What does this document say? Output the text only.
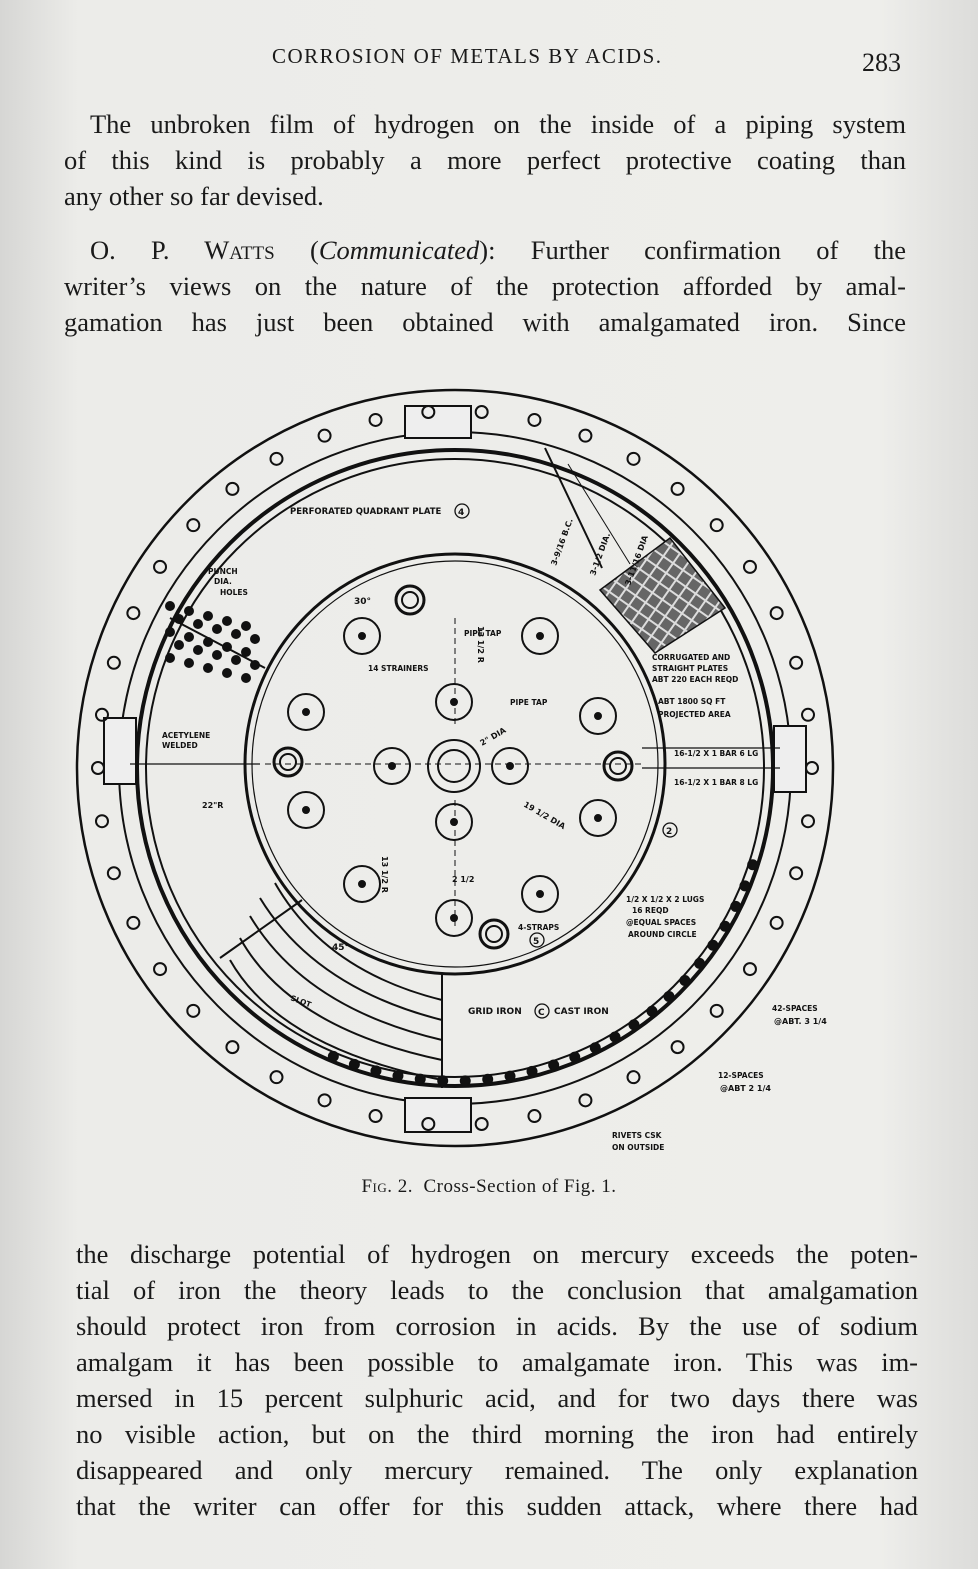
CORROSION OF METALS BY ACIDS.	283
The unbroken film of hydrogen on the inside of a piping system
of this kind is probably a more perfect protective coating than
any other so far devised.
O. P. Watts (Communicated): Further confirmation of the
writer’s views on the nature of the protection afforded by amal-
gamation has just been obtained with amalgamated iron. Since
PERFORATED QUADRANT PLATE 4
PUNCH
DIA.
HOLES
3-9/16 B.C. 3-1/2 DIA. 3-11/16 DIA
CORRUGATED AND
STRAIGHT PLATES
ABT 220 EACH REQD
ABT 1800 SQ FT
PROJECTED AREA
PIPE TAP
PIPE TAP
14 STRAINERS
ACETYLENE
WELDED
16-1/2 X 1 BAR 6 LG
16-1/2 X 1 BAR 8 LG
22"R	19 1/2 DIA
2
1/2 X 1/2 X 2 LUGS
16 REQD
@EQUAL SPACES
AROUND CIRCLE
4-STRAPS
5
GRID IRON C CAST IRON
SLOT	42-SPACES
@ABT. 3 1/4
12-SPACES
@ABT 2 1/4
RIVETS CSK
ON OUTSIDE
30°
45°
13 1/2 R
13 1/2 R	2 1/2
2" DIA
Fig. 2. Cross-Section of Fig. 1.
the discharge potential of hydrogen on mercury exceeds the poten-
tial of iron the theory leads to the conclusion that amalgamation
should protect iron from corrosion in acids. By the use of sodium
amalgam it has been possible to amalgamate iron. This was im-
mersed in 15 percent sulphuric acid, and for two days there was
no visible action, but on the third morning the iron had entirely
disappeared and only mercury remained. The only explanation
that the writer can offer for this sudden attack, where there had
